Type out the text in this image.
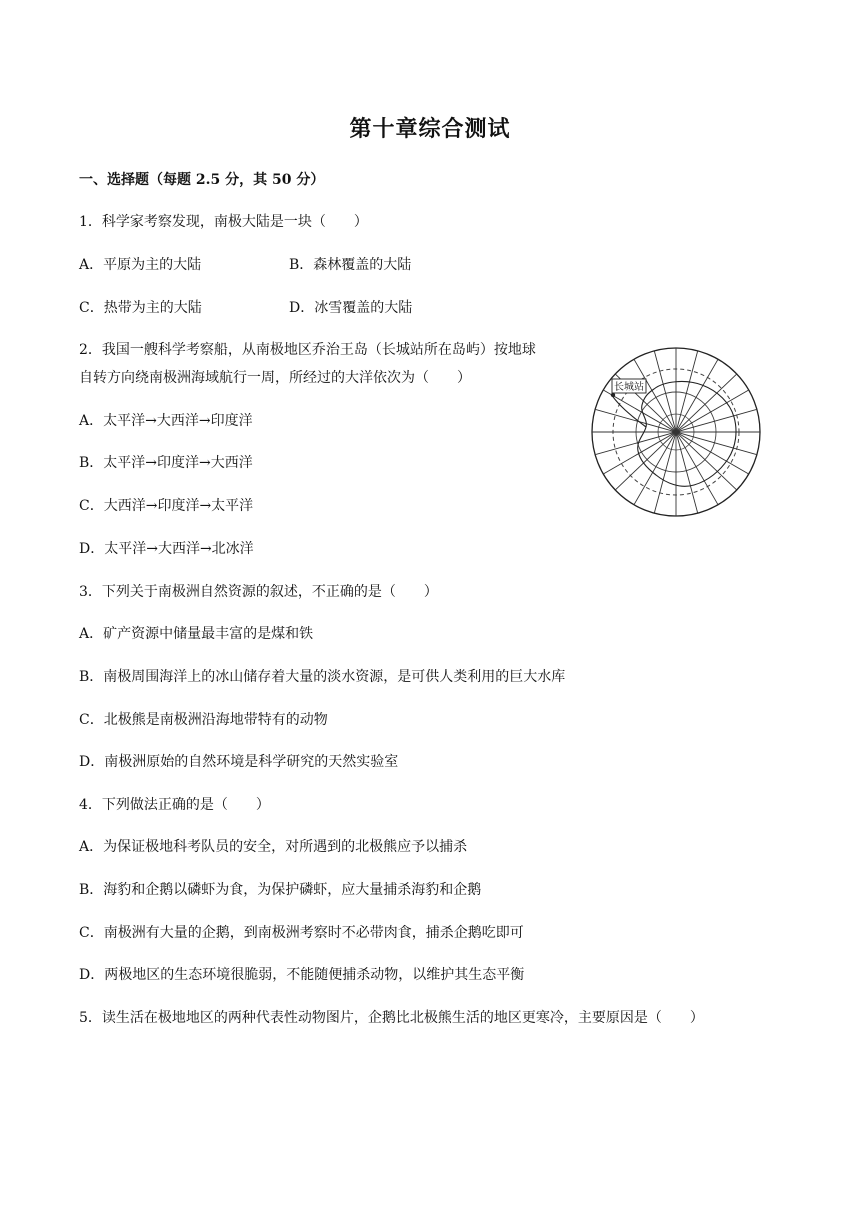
第十章综合测试
一、选择题（每题 2.5 分，其 50 分）
1．科学家考察发现，南极大陆是一块（　　）
A．平原为主的大陆	B．森林覆盖的大陆
C．热带为主的大陆	D．冰雪覆盖的大陆
2．我国一艘科学考察船，从南极地区乔治王岛（长城站所在岛屿）按地球
自转方向绕南极洲海域航行一周，所经过的大洋依次为（　　）
A．太平洋→大西洋→印度洋
B．太平洋→印度洋→大西洋
C．大西洋→印度洋→太平洋
D．太平洋→大西洋→北冰洋
长城站
3．下列关于南极洲自然资源的叙述，不正确的是（　　）
A．矿产资源中储量最丰富的是煤和铁
B．南极周围海洋上的冰山储存着大量的淡水资源，是可供人类利用的巨大水库
C．北极熊是南极洲沿海地带特有的动物
D．南极洲原始的自然环境是科学研究的天然实验室
4．下列做法正确的是（　　）
A．为保证极地科考队员的安全，对所遇到的北极熊应予以捕杀
B．海豹和企鹅以磷虾为食，为保护磷虾，应大量捕杀海豹和企鹅
C．南极洲有大量的企鹅，到南极洲考察时不必带肉食，捕杀企鹅吃即可
D．两极地区的生态环境很脆弱，不能随便捕杀动物，以维护其生态平衡
5．读生活在极地地区的两种代表性动物图片，企鹅比北极熊生活的地区更寒冷，主要原因是（　　）
